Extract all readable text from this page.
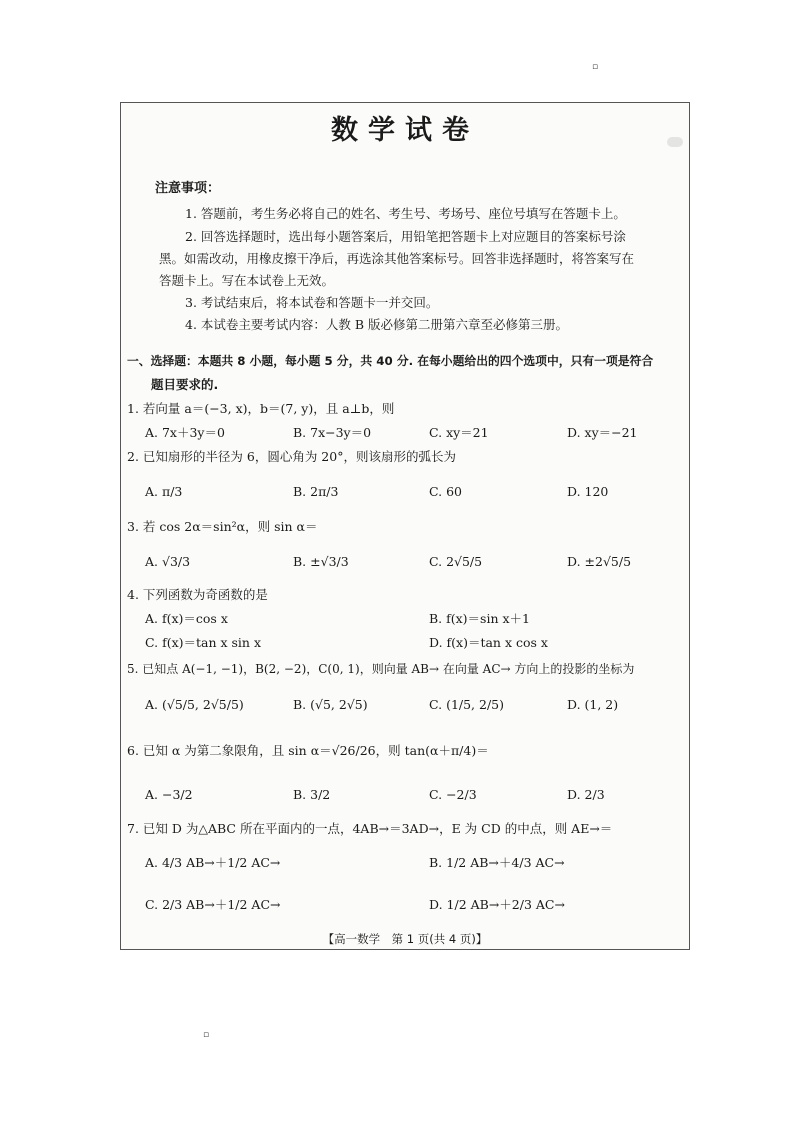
▫
▫
数学试卷
注意事项：
1. 答题前，考生务必将自己的姓名、考生号、考场号、座位号填写在答题卡上。
2. 回答选择题时，选出每小题答案后，用铅笔把答题卡上对应题目的答案标号涂
黑。如需改动，用橡皮擦干净后，再选涂其他答案标号。回答非选择题时，将答案写在
答题卡上。写在本试卷上无效。
3. 考试结束后，将本试卷和答题卡一并交回。
4. 本试卷主要考试内容：人教 B 版必修第二册第六章至必修第三册。
一、选择题：本题共 8 小题，每小题 5 分，共 40 分. 在每小题给出的四个选项中，只有一项是符合
题目要求的.
1. 若向量 a＝(−3, x)，b＝(7, y)，且 a⊥b，则
A. 7x＋3y＝0	B. 7x−3y＝0	C. xy＝21	D. xy＝−21
2. 已知扇形的半径为 6，圆心角为 20°，则该扇形的弧长为
A. π/3	B. 2π/3	C. 60	D. 120
3. 若 cos 2α＝sin²α，则 sin α＝
A. √3/3	B. ±√3/3	C. 2√5/5	D. ±2√5/5
4. 下列函数为奇函数的是
A. f(x)＝cos x	B. f(x)＝sin x＋1
C. f(x)＝tan x sin x	D. f(x)＝tan x cos x
5. 已知点 A(−1, −1)，B(2, −2)，C(0, 1)，则向量 AB→ 在向量 AC→ 方向上的投影的坐标为
A. (√5/5, 2√5/5)	B. (√5, 2√5)	C. (1/5, 2/5)	D. (1, 2)
6. 已知 α 为第二象限角，且 sin α＝√26/26，则 tan(α＋π/4)＝
A. −3/2	B. 3/2	C. −2/3	D. 2/3
7. 已知 D 为△ABC 所在平面内的一点，4AB→＝3AD→，E 为 CD 的中点，则 AE→＝
A. 4/3 AB→＋1/2 AC→	B. 1/2 AB→＋4/3 AC→
C. 2/3 AB→＋1/2 AC→	D. 1/2 AB→＋2/3 AC→
【高一数学　第 1 页(共 4 页)】
